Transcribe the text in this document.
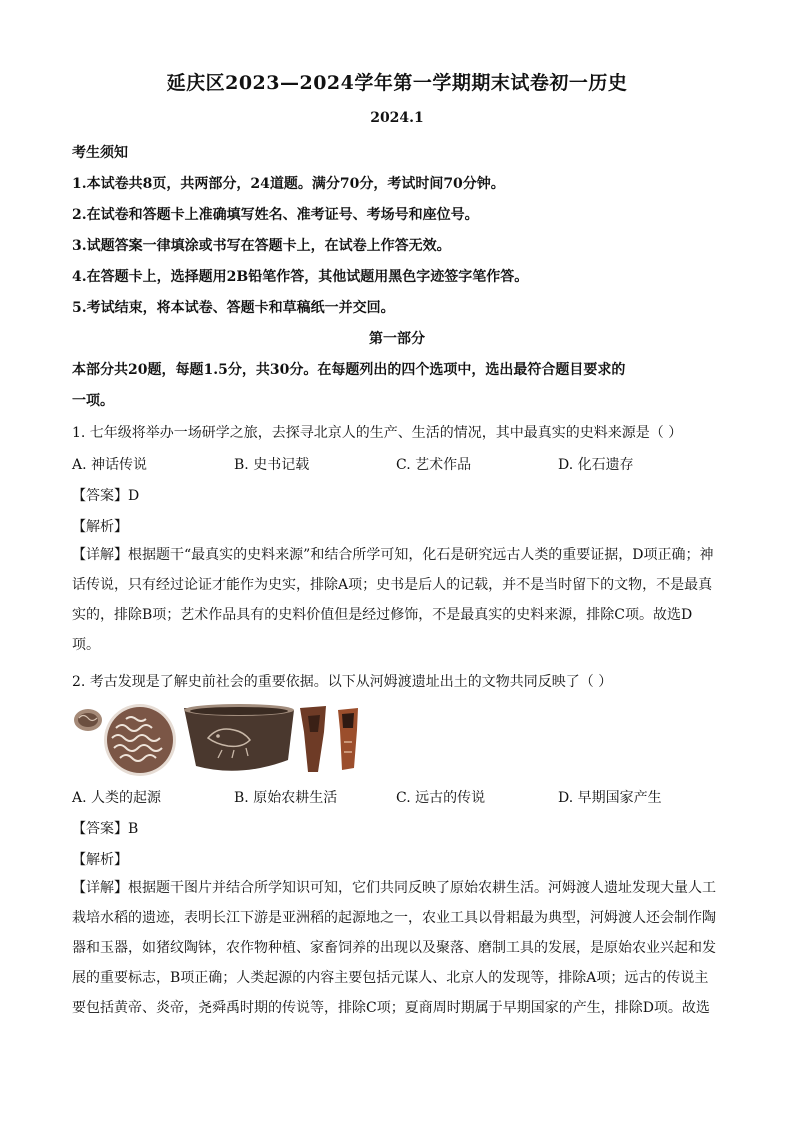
延庆区2023—2024学年第一学期期末试卷初一历史
2024.1
考生须知
1.本试卷共8页，共两部分，24道题。满分70分，考试时间70分钟。
2.在试卷和答题卡上准确填写姓名、准考证号、考场号和座位号。
3.试题答案一律填涂或书写在答题卡上，在试卷上作答无效。
4.在答题卡上，选择题用2B铅笔作答，其他试题用黑色字迹签字笔作答。
5.考试结束，将本试卷、答题卡和草稿纸一并交回。
第一部分
本部分共20题，每题1.5分，共30分。在每题列出的四个选项中，选出最符合题目要求的
一项。
1. 七年级将举办一场研学之旅，去探寻北京人的生产、生活的情况，其中最真实的史料来源是（ ）
A. 神话传说	B. 史书记载	C. 艺术作品	D. 化石遗存
【答案】D
【解析】
【详解】根据题干“最真实的史料来源”和结合所学可知，化石是研究远古人类的重要证据，D项正确；神
话传说，只有经过论证才能作为史实，排除A项；史书是后人的记载，并不是当时留下的文物，不是最真
实的，排除B项；艺术作品具有的史料价值但是经过修饰，不是最真实的史料来源，排除C项。故选D
项。
2. 考古发现是了解史前社会的重要依据。以下从河姆渡遗址出土的文物共同反映了（ ）
A. 人类的起源	B. 原始农耕生活	C. 远古的传说	D. 早期国家产生
【答案】B
【解析】
【详解】根据题干图片并结合所学知识可知，它们共同反映了原始农耕生活。河姆渡人遗址发现大量人工
栽培水稻的遗迹，表明长江下游是亚洲稻的起源地之一，农业工具以骨耜最为典型，河姆渡人还会制作陶
器和玉器，如猪纹陶钵，农作物种植、家畜饲养的出现以及聚落、磨制工具的发展，是原始农业兴起和发
展的重要标志，B项正确；人类起源的内容主要包括元谋人、北京人的发现等，排除A项；远古的传说主
要包括黄帝、炎帝，尧舜禹时期的传说等，排除C项；夏商周时期属于早期国家的产生，排除D项。故选
